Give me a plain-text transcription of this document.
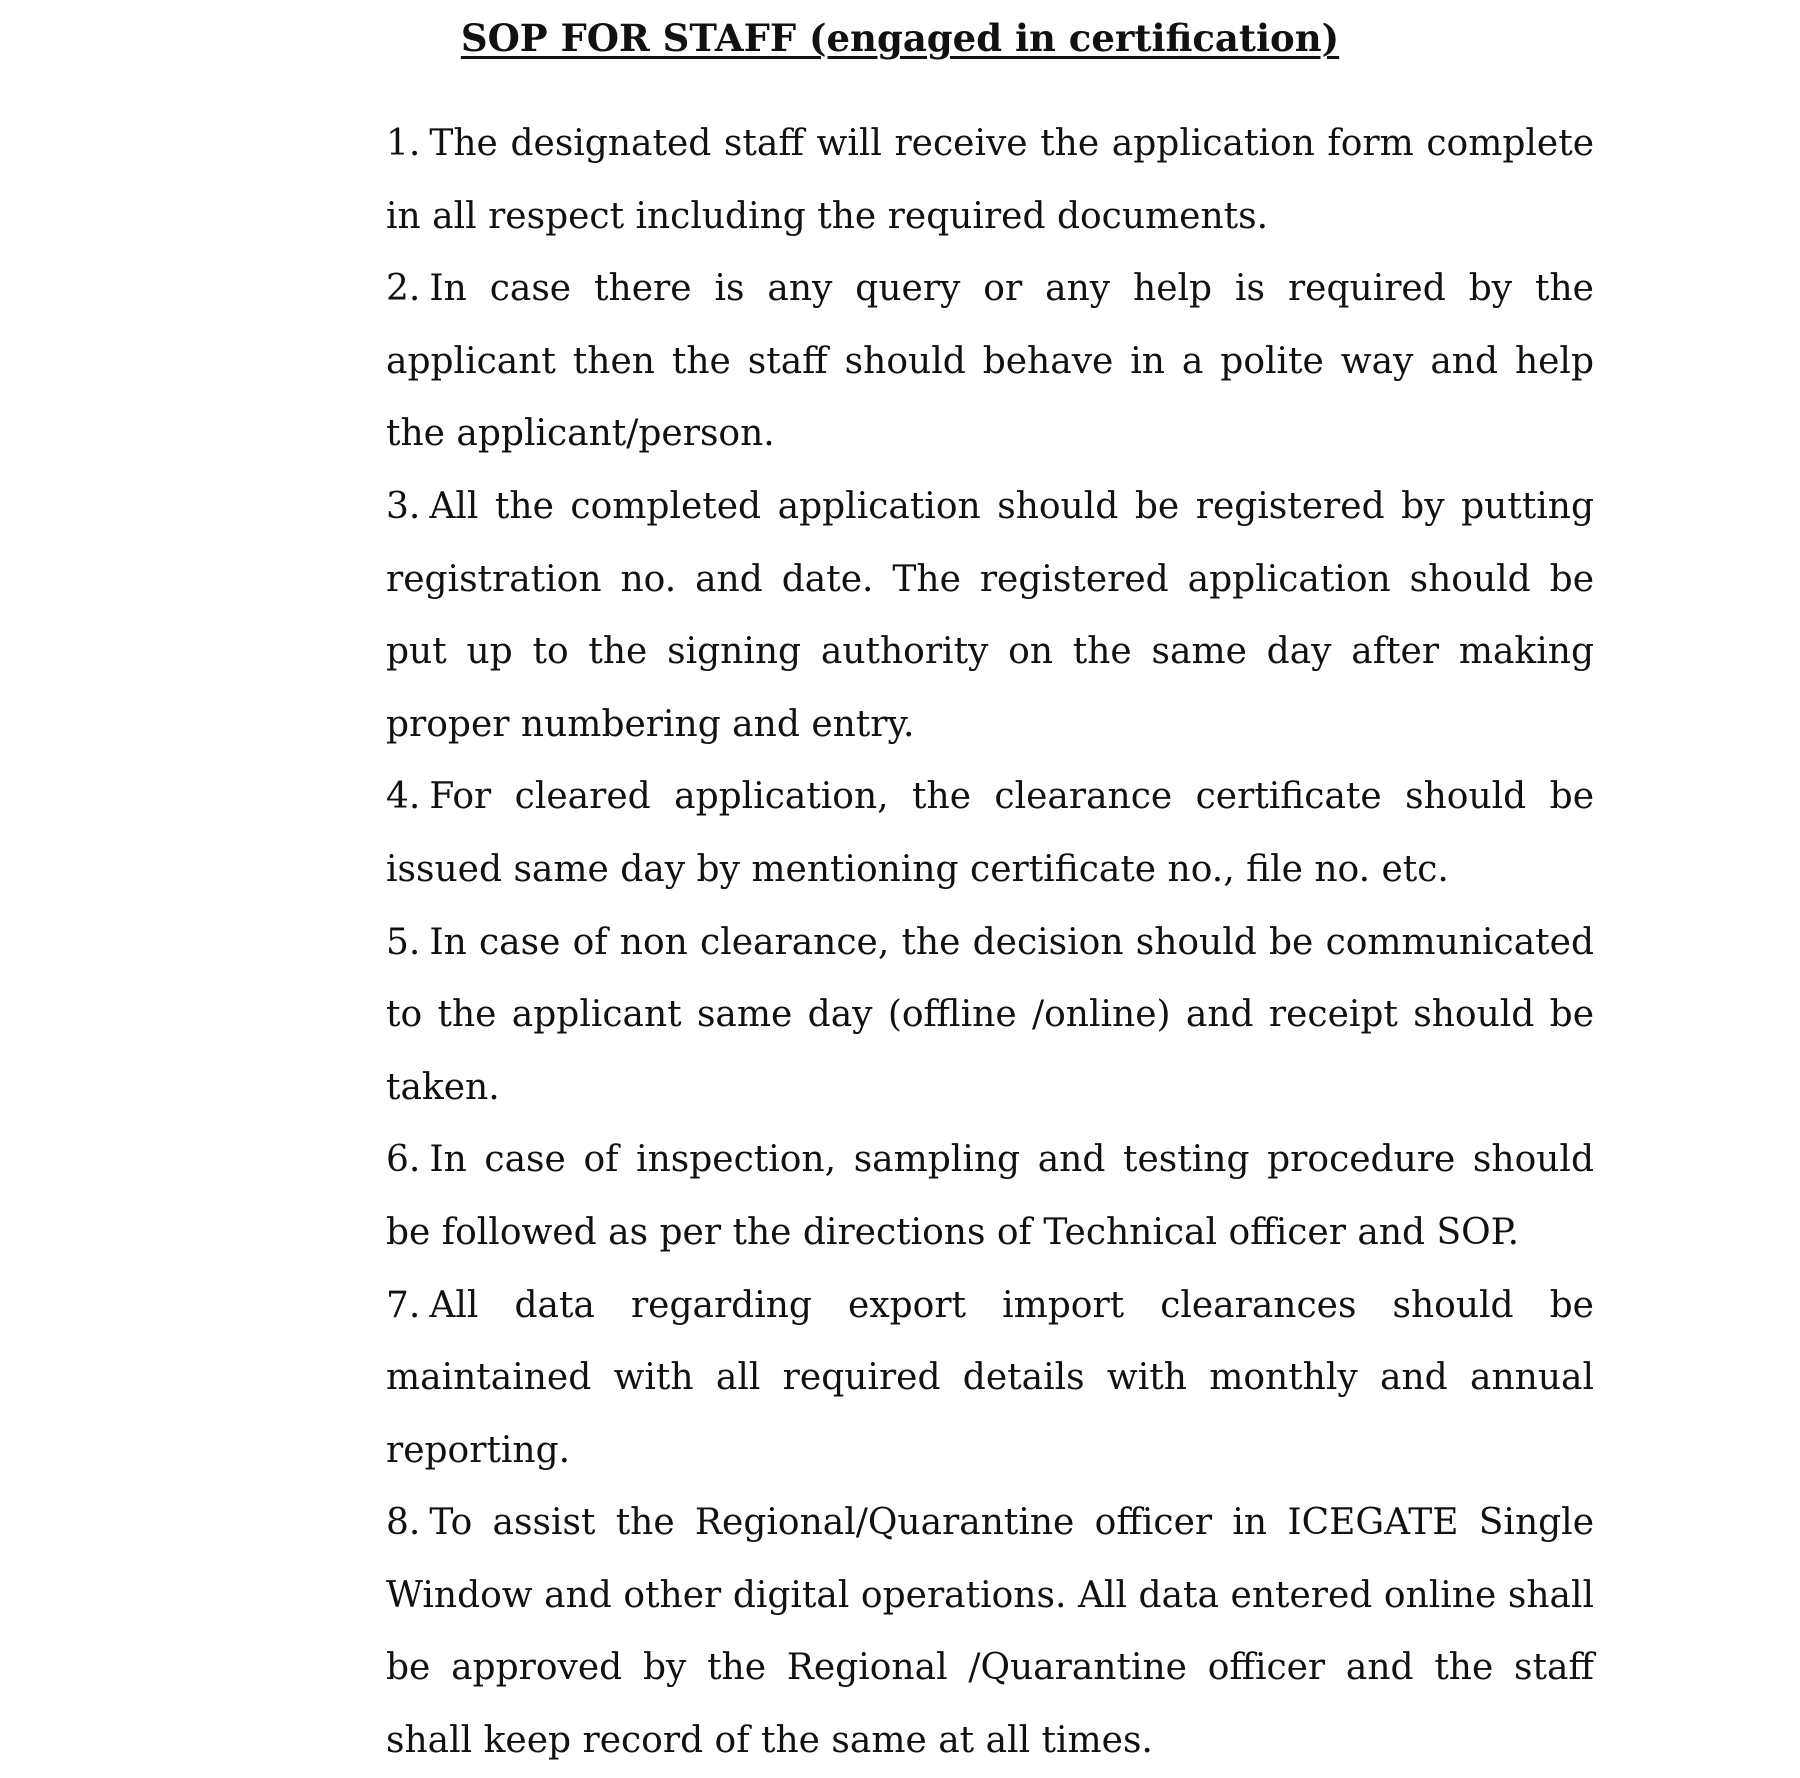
SOP FOR STAFF (engaged in certification)
1. The designated staff will receive the application form complete in all respect including the required documents.
2. In case there is any query or any help is required by the applicant then the staff should behave in a polite way and help the applicant/person.
3. All the completed application should be registered by putting registration no. and date. The registered application should be put up to the signing authority on the same day after making proper numbering and entry.
4. For cleared application, the clearance certificate should be issued same day by mentioning certificate no., file no. etc.
5. In case of non clearance, the decision should be communicated to the applicant same day (offline /online) and receipt should be taken.
6. In case of inspection, sampling and testing procedure should be followed as per the directions of Technical officer and SOP.
7. All data regarding export import clearances should be maintained with all required details with monthly and annual reporting.
8. To assist the Regional/Quarantine officer in ICEGATE Single Window and other digital operations. All data entered online shall be approved by the Regional /Quarantine officer and the staff shall keep record of the same at all times.
